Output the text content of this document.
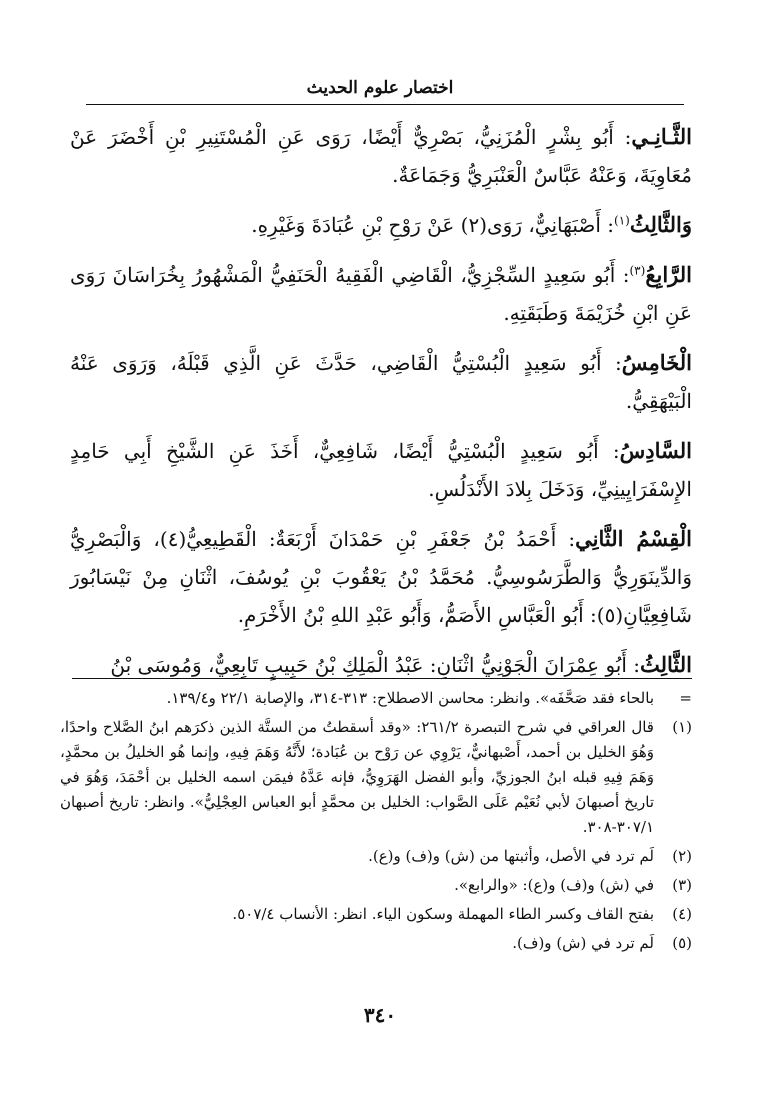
اختصار علوم الحديث

الثَّـانِـي: أَبُو بِشْرٍ الْمُزَنِيُّ، بَصْرِيٌّ أَيْضًا، رَوَى عَنِ الْمُسْتَنِيرِ بْنِ أَخْضَرَ عَنْ مُعَاوِيَةَ، وَعَنْهُ عَبَّاسٌ الْعَنْبَرِيُّ وَجَمَاعَةٌ.

وَالثَّالِثُ$^{(١)}$: أَصْبَهَانِيٌّ، رَوَى(٢) عَنْ رَوْحِ بْنِ عُبَادَةَ وَغَيْرِهِ.

الرَّابِعُ$^{(٣)}$: أَبُو سَعِيدٍ السِّجْزِيُّ، الْقَاضِي الْفَقِيهُ الْحَنَفِيُّ الْمَشْهُورُ بِخُرَاسَانَ رَوَى عَنِ ابْنِ خُزَيْمَةَ وَطَبَقَتِهِ.

الْخَامِسُ: أَبُو سَعِيدٍ الْبُسْتِيُّ الْقَاضِي، حَدَّثَ عَنِ الَّذِي قَبْلَهُ، وَرَوَى عَنْهُ الْبَيْهَقِيُّ.

السَّادِسُ: أَبُو سَعِيدٍ الْبُسْتِيُّ أَيْضًا، شَافِعِيٌّ، أَخَذَ عَنِ الشَّيْخِ أَبِي حَامِدٍ الإِسْفَرَايِينِيِّ، وَدَخَلَ بِلادَ الأَنْدَلُسِ.

الْقِسْمُ الثَّانِي: أَحْمَدُ بْنُ جَعْفَرِ بْنِ حَمْدَانَ أَرْبَعَةٌ: الْقَطِيعِيُّ(٤)، وَالْبَصْرِيُّ وَالدِّينَوَرِيُّ وَالطَّرَسُوسِيُّ. مُحَمَّدُ بْنُ يَعْقُوبَ بْنِ يُوسُفَ، اثْنَانِ مِنْ نَيْسَابُورَ شَافِعِيَّانِ(٥): أَبُو الْعَبَّاسِ الأَصَمُّ، وَأَبُو عَبْدِ اللهِ بْنُ الأَخْرَمِ.

الثَّالِثُ: أَبُو عِمْرَانَ الْجَوْنِيُّ اثْنَانِ: عَبْدُ الْمَلِكِ بْنُ حَبِيبٍ تَابِعِيٌّ، وَمُوسَى بْنُ

=
بالحاء فقد صَحَّفَه». وانظر: محاسن الاصطلاح: ٣١٣-٣١٤، والإصابة ٢٢/١ و١٣٩/٤.
(١)
قال العراقي في شرح التبصرة ٢٦١/٢: «وقد أسقطتُ من الستَّة الذين ذكرَهم ابنُ الصَّلاح واحدًا، وَهُوَ الخليل بن أحمد، أَصْبهانيٌّ، يَرْوِي عن رَوْح بن عُبَادة؛ لأَنَّهُ وَهَمَ فِيهِ، وإنما هُو الخليلُ بن محمَّدٍ، وَهَمَ فِيهِ قبله ابنُ الجوزيِّ، وأبو الفضل الهَرَوِيُّ، فإنه عَدَّهُ فيمَن اسمه الخليل بن أحْمَدَ، وَهُوَ في تاريخ أصبهانَ لأبي نُعَيْم عَلَى الصَّواب: الخليل بن محمَّدٍ أبو العباس العِجْلِيُّ». وانظر: تاريخ أصبهان ٣٠٧/١-٣٠٨.
(٢)
لَم ترد في الأصل، وأثبتها من (ش) و(ف) و(ع).
(٣)
في (ش) و(ف) و(ع): «والرابع».
(٤)
بفتح القاف وكسر الطاء المهملة وسكون الياء. انظر: الأنساب ٥٠٧/٤.
(٥)
لَم ترد في (ش) و(ف).
٣٤٠
